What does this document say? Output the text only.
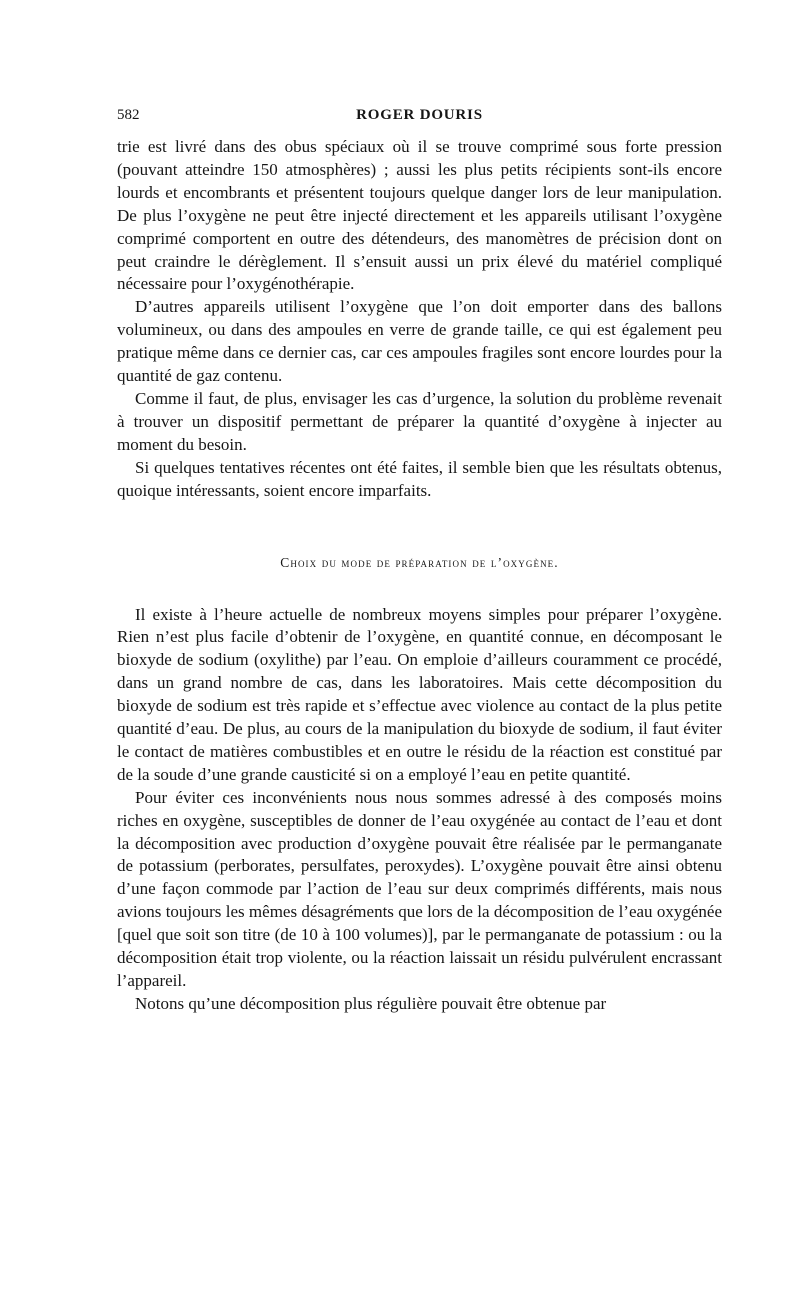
582	ROGER DOURIS

trie est livré dans des obus spéciaux où il se trouve comprimé sous forte pression (pouvant atteindre 150 atmosphères) ; aussi les plus petits récipients sont-ils encore lourds et encombrants et présentent toujours quelque danger lors de leur manipulation. De plus l’oxygène ne peut être injecté directement et les appareils utilisant l’oxygène comprimé comportent en outre des détendeurs, des manomètres de précision dont on peut craindre le dérèglement. Il s’ensuit aussi un prix élevé du matériel compliqué nécessaire pour l’oxygénothérapie.

D’autres appareils utilisent l’oxygène que l’on doit emporter dans des ballons volumineux, ou dans des ampoules en verre de grande taille, ce qui est également peu pratique même dans ce dernier cas, car ces ampoules fragiles sont encore lourdes pour la quantité de gaz contenu.

Comme il faut, de plus, envisager les cas d’urgence, la solution du problème revenait à trouver un dispositif permettant de préparer la quantité d’oxygène à injecter au moment du besoin.

Si quelques tentatives récentes ont été faites, il semble bien que les résultats obtenus, quoique intéressants, soient encore imparfaits.

Choix du mode de préparation de l’oxygène.

Il existe à l’heure actuelle de nombreux moyens simples pour préparer l’oxygène. Rien n’est plus facile d’obtenir de l’oxygène, en quantité connue, en décomposant le bioxyde de sodium (oxylithe) par l’eau. On emploie d’ailleurs couramment ce procédé, dans un grand nombre de cas, dans les laboratoires. Mais cette décomposition du bioxyde de sodium est très rapide et s’effectue avec violence au contact de la plus petite quantité d’eau. De plus, au cours de la manipulation du bioxyde de sodium, il faut éviter le contact de matières combustibles et en outre le résidu de la réaction est constitué par de la soude d’une grande causticité si on a employé l’eau en petite quantité.

Pour éviter ces inconvénients nous nous sommes adressé à des composés moins riches en oxygène, susceptibles de donner de l’eau oxygénée au contact de l’eau et dont la décomposition avec production d’oxygène pouvait être réalisée par le permanganate de potassium (perborates, persulfates, peroxydes). L’oxygène pouvait être ainsi obtenu d’une façon commode par l’action de l’eau sur deux comprimés différents, mais nous avions toujours les mêmes désagréments que lors de la décomposition de l’eau oxygénée [quel que soit son titre (de 10 à 100 volumes)], par le permanganate de potassium : ou la décomposition était trop violente, ou la réaction laissait un résidu pulvérulent encrassant l’appareil.

Notons qu’une décomposition plus régulière pouvait être obtenue par
